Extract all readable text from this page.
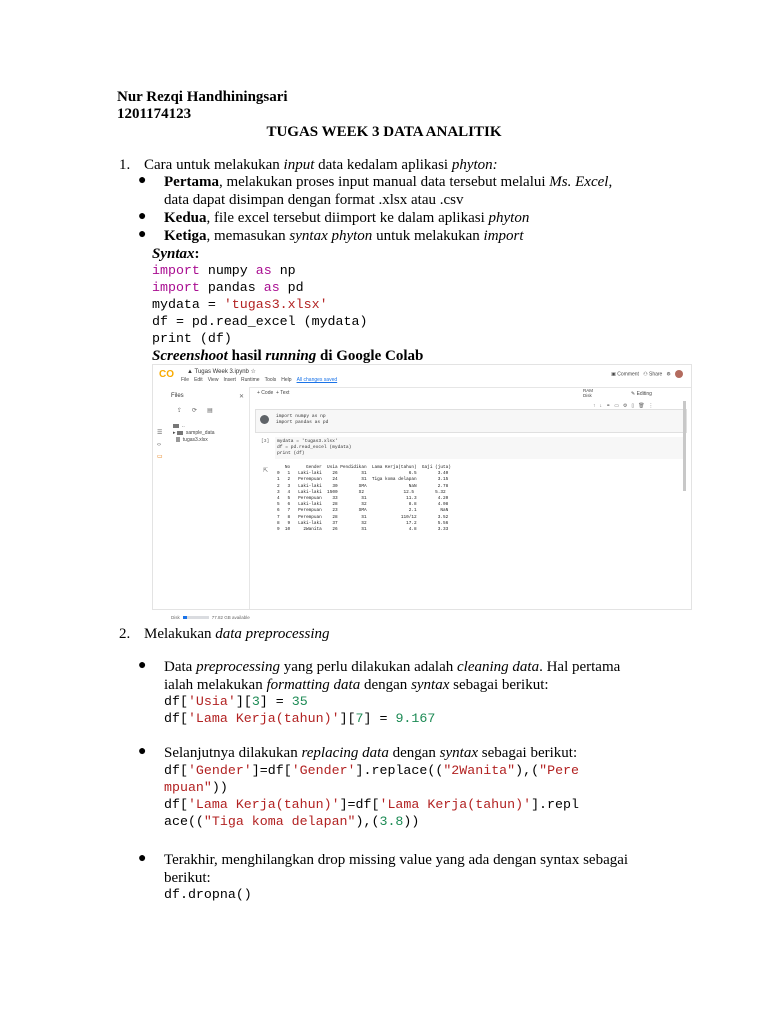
Nur Rezqi Handhiningsari
1201174123
TUGAS WEEK 3 DATA ANALITIK
1. Cara untuk melakukan input data kedalam aplikasi phyton:
● Pertama, melakukan proses input manual data tersebut melalui Ms. Excel,
data dapat disimpan dengan format .xlsx atau .csv
● Kedua, file excel tersebut diimport ke dalam aplikasi phyton
● Ketiga, memasukan syntax phyton untuk melakukan import
Syntax:
import numpy as np
import pandas as pd
mydata = 'tugas3.xlsx'
df = pd.read_excel (mydata)
print (df)
Screenshoot hasil running di Google Colab
CO ▲ Tugas Week 3.ipynb ☆
File Edit View Insert Runtime Tools Help All changes saved
▣ Comment ⚇ Share ⚙
☰
‹›
▭
Files	✕
⇪⟳▤
..
▸ sample_data
tugas3.xlsx
Disk	77.82 GB available
+ Code + Text	RAM
Disk	✎ Editing
↑↓⚭▭⚙▯🗑⋮
import numpy as np
import pandas as pd
[3] mydata = 'tugas3.xlsx'
df = pd.read_excel (mydata)
print (df)
⇱
No      Gender  Usia Pendidikan  Lama Kerja(tahun)  Gaji (juta)
0   1   Laki-laki    26         S1                6.5        3.40
1   2   Perempuan    24         S1  Tiga koma delapan        3.15
2   3   Laki-laki    30        SMA                NaN        2.78
3   4   Laki-laki  1500        S2               12.5        5.32
4   5   Perempuan    33         S1               11.3        4.20
5   6   Laki-laki    28         S2                8.8        4.08
6   7   Perempuan    23        SMA                2.1         NaN
7   8   Perempuan    28         S1             110/12        3.52
8   9   Laki-laki    37         S2               17.2        5.56
9  10     2Wanita    26         S1                4.8        3.33
2. Melakukan data preprocessing
● Data preprocessing yang perlu dilakukan adalah cleaning data. Hal pertama
ialah melakukan formatting data dengan syntax sebagai berikut:
df['Usia'][3] = 35
df['Lama Kerja(tahun)'][7] = 9.167
● Selanjutnya dilakukan replacing data dengan syntax sebagai berikut:
df['Gender']=df['Gender'].replace(("2Wanita"),("Pere
mpuan"))
df['Lama Kerja(tahun)']=df['Lama Kerja(tahun)'].repl
ace(("Tiga koma delapan"),(3.8))
● Terakhir, menghilangkan drop missing value yang ada dengan syntax sebagai
berikut:
df.dropna()
